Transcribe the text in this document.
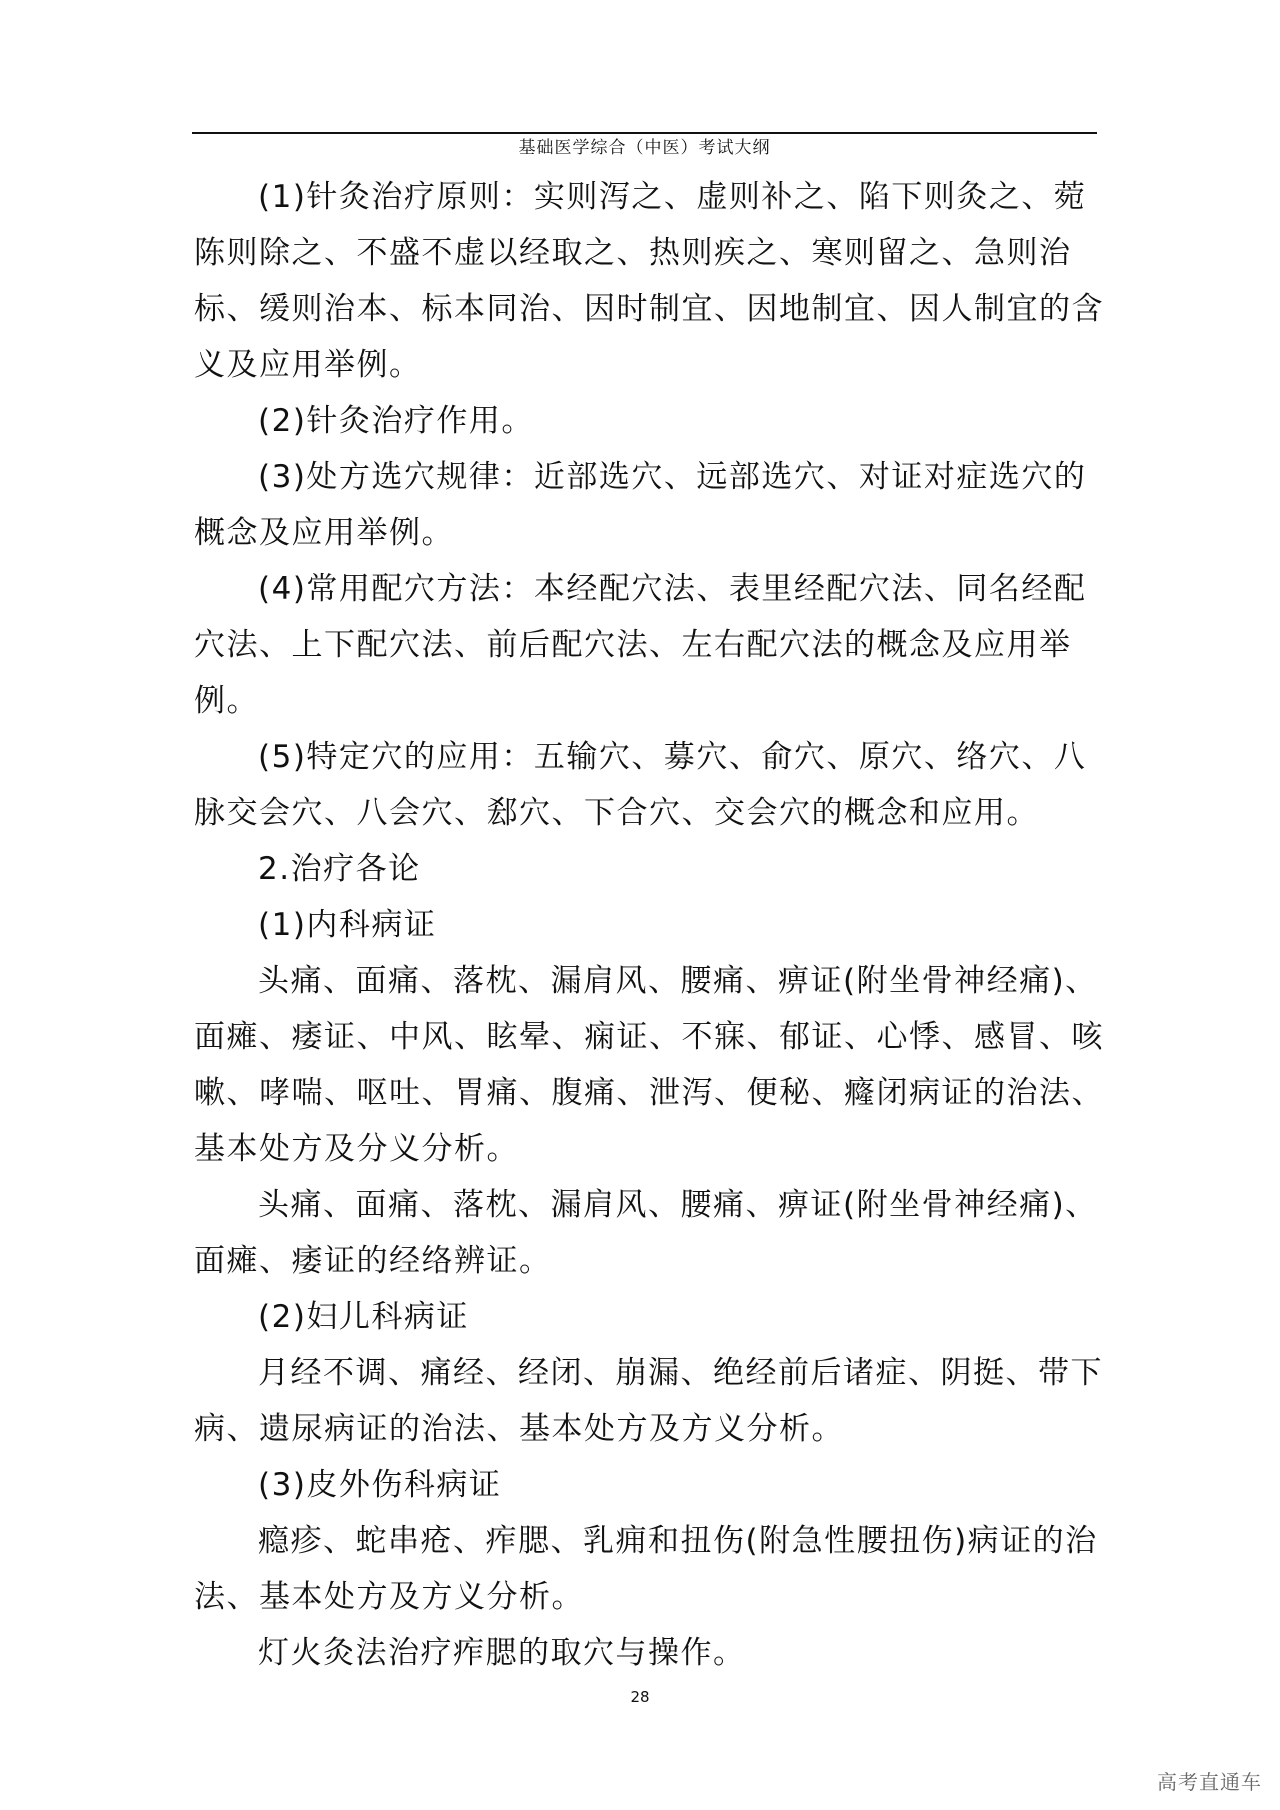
基础医学综合（中医）考试大纲

(1)针灸治疗原则：实则泻之、虚则补之、陷下则灸之、菀陈则除之、不盛不虚以经取之、热则疾之、寒则留之、急则治标、缓则治本、标本同治、因时制宜、因地制宜、因人制宜的含义及应用举例。

(2)针灸治疗作用。

(3)处方选穴规律：近部选穴、远部选穴、对证对症选穴的概念及应用举例。

(4)常用配穴方法：本经配穴法、表里经配穴法、同名经配穴法、上下配穴法、前后配穴法、左右配穴法的概念及应用举例。

(5)特定穴的应用：五输穴、募穴、俞穴、原穴、络穴、八脉交会穴、八会穴、郄穴、下合穴、交会穴的概念和应用。

2.治疗各论

(1)内科病证

头痛、面痛、落枕、漏肩风、腰痛、痹证(附坐骨神经痛)、面瘫、痿证、中风、眩晕、痫证、不寐、郁证、心悸、感冒、咳嗽、哮喘、呕吐、胃痛、腹痛、泄泻、便秘、癃闭病证的治法、基本处方及分义分析。

头痛、面痛、落枕、漏肩风、腰痛、痹证(附坐骨神经痛)、面瘫、痿证的经络辨证。

(2)妇儿科病证

月经不调、痛经、经闭、崩漏、绝经前后诸症、阴挺、带下病、遗尿病证的治法、基本处方及方义分析。

(3)皮外伤科病证

瘾疹、蛇串疮、痄腮、乳痈和扭伤(附急性腰扭伤)病证的治法、基本处方及方义分析。

灯火灸法治疗痄腮的取穴与操作。

28
高考直通车
